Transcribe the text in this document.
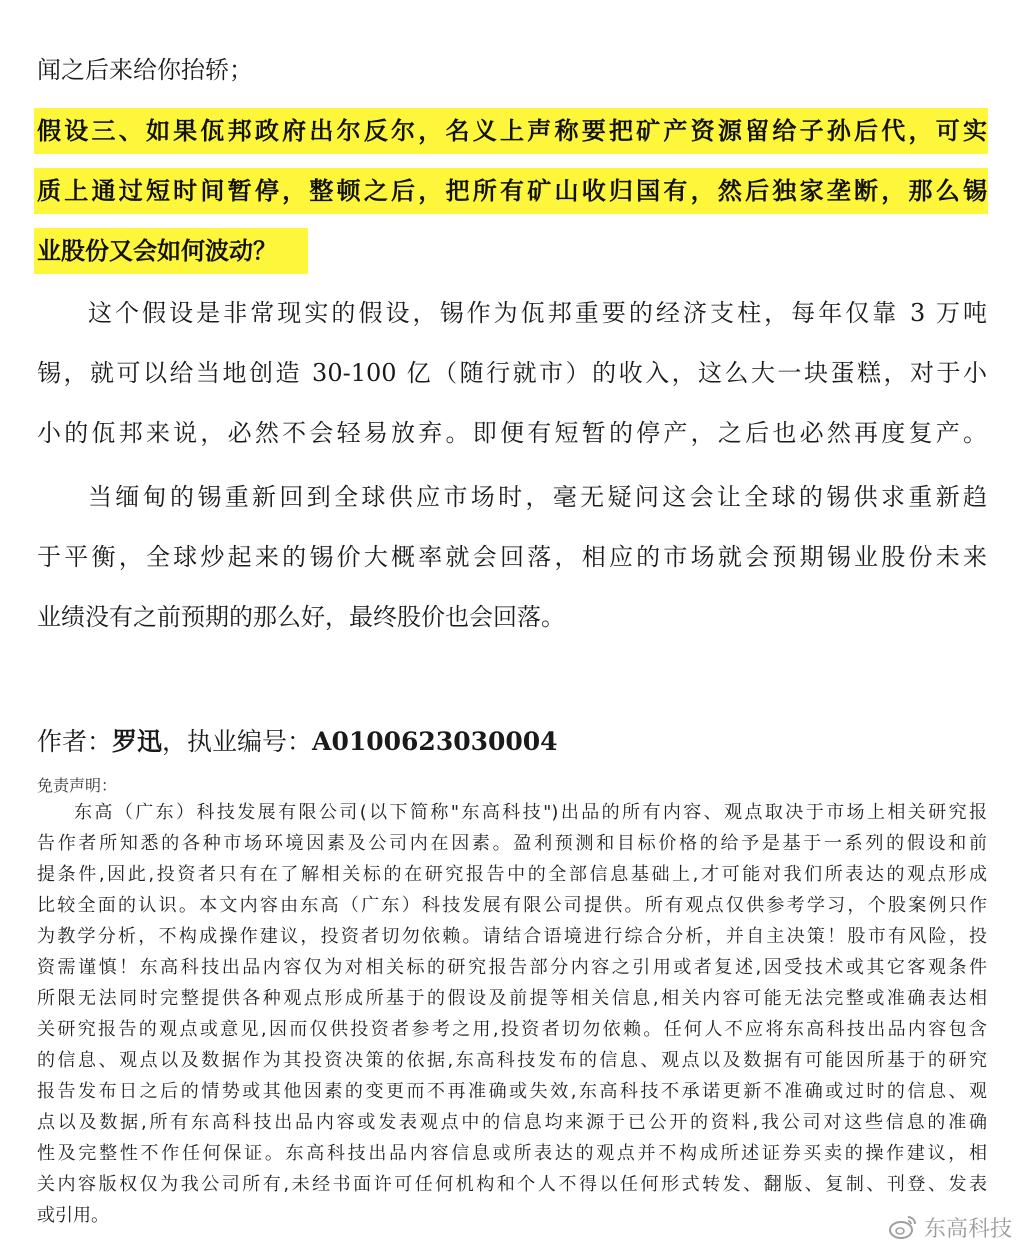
闻之后来给你抬轿；
假设三、如果佤邦政府出尔反尔，名义上声称要把矿产资源留给子孙后代，可实
质上通过短时间暂停，整顿之后，把所有矿山收归国有，然后独家垄断，那么锡
业股份又会如何波动？
这个假设是非常现实的假设，锡作为佤邦重要的经济支柱，每年仅靠 3 万吨
锡，就可以给当地创造 30-100 亿（随行就市）的收入，这么大一块蛋糕，对于小
小的佤邦来说，必然不会轻易放弃。即便有短暂的停产，之后也必然再度复产。
当缅甸的锡重新回到全球供应市场时，毫无疑问这会让全球的锡供求重新趋
于平衡，全球炒起来的锡价大概率就会回落，相应的市场就会预期锡业股份未来
业绩没有之前预期的那么好，最终股价也会回落。
作者：罗迅，执业编号：A0100623030004
免责声明：
东高（广东）科技发展有限公司(以下简称"东高科技")出品的所有内容、观点取决于市场上相关研究报
告作者所知悉的各种市场环境因素及公司内在因素。盈利预测和目标价格的给予是基于一系列的假设和前
提条件,因此,投资者只有在了解相关标的在研究报告中的全部信息基础上,才可能对我们所表达的观点形成
比较全面的认识。本文内容由东高（广东）科技发展有限公司提供。所有观点仅供参考学习，个股案例只作
为教学分析，不构成操作建议，投资者切勿依赖。请结合语境进行综合分析，并自主决策！股市有风险，投
资需谨慎！东高科技出品内容仅为对相关标的研究报告部分内容之引用或者复述,因受技术或其它客观条件
所限无法同时完整提供各种观点形成所基于的假设及前提等相关信息,相关内容可能无法完整或准确表达相
关研究报告的观点或意见,因而仅供投资者参考之用,投资者切勿依赖。任何人不应将东高科技出品内容包含
的信息、观点以及数据作为其投资决策的依据,东高科技发布的信息、观点以及数据有可能因所基于的研究
报告发布日之后的情势或其他因素的变更而不再准确或失效,东高科技不承诺更新不准确或过时的信息、观
点以及数据,所有东高科技出品内容或发表观点中的信息均来源于已公开的资料,我公司对这些信息的准确
性及完整性不作任何保证。东高科技出品内容信息或所表达的观点并不构成所述证券买卖的操作建议，相
关内容版权仅为我公司所有,未经书面许可任何机构和个人不得以任何形式转发、翻版、复制、刊登、发表
或引用。
东高科技
